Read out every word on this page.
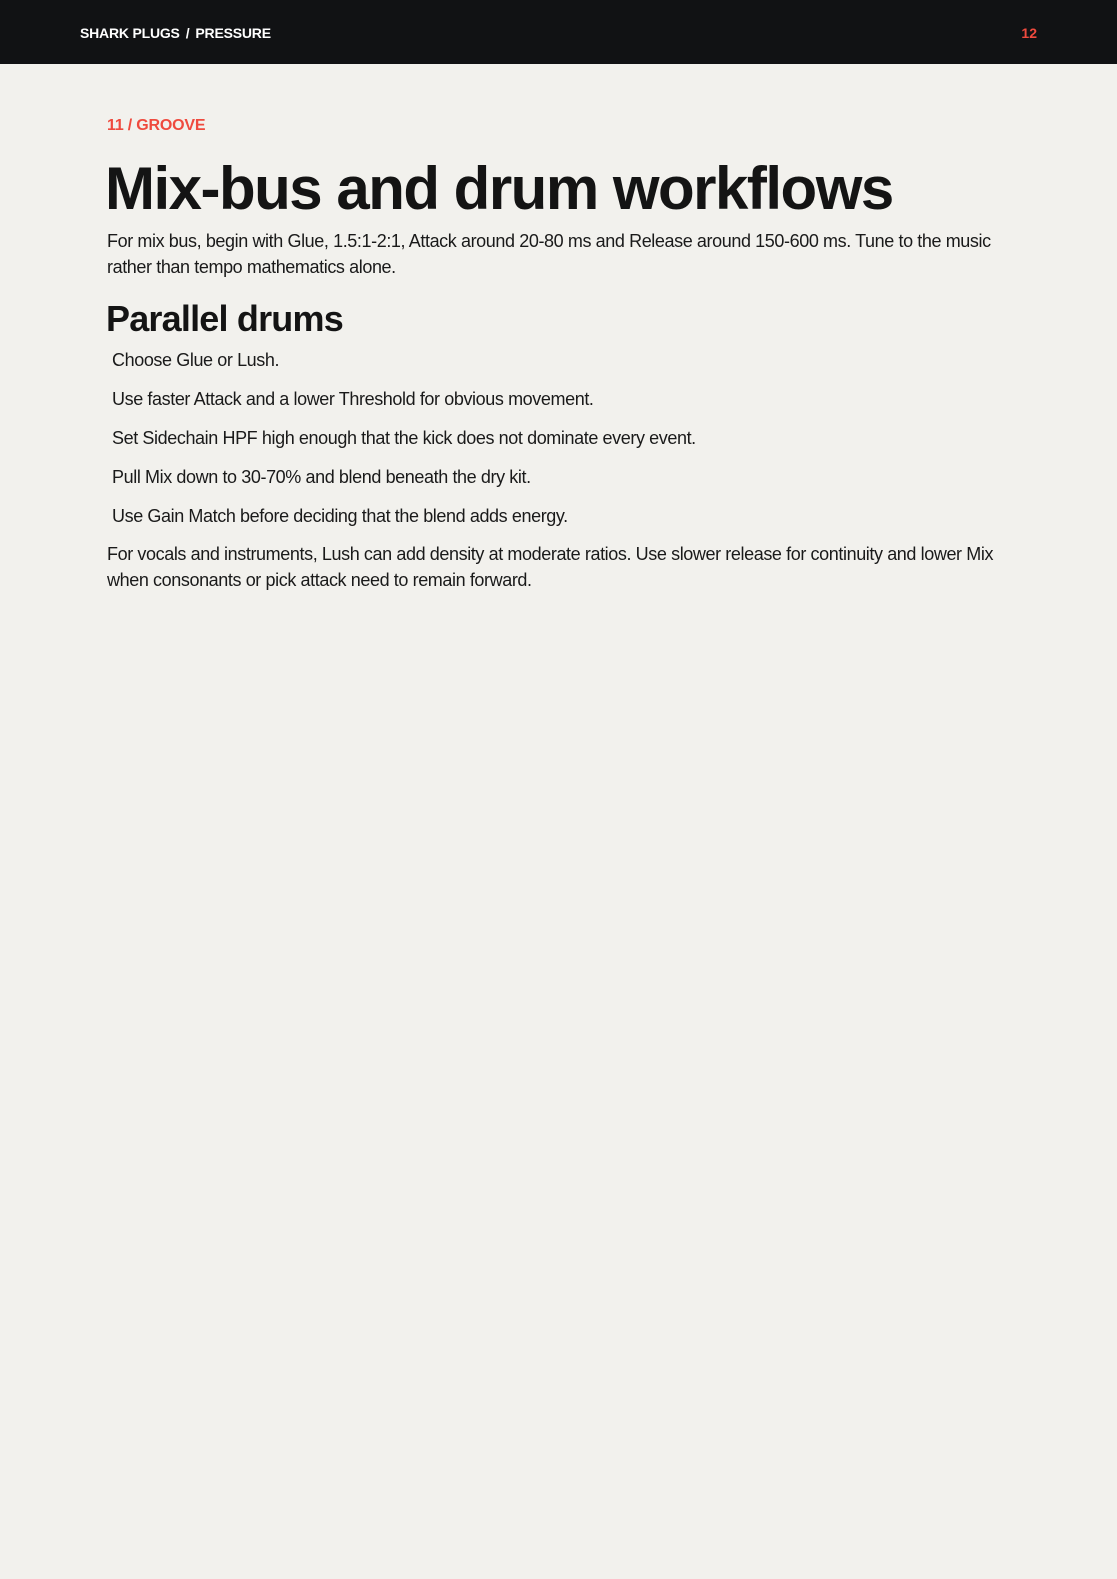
SHARK PLUGS / PRESSURE	12

11 / GROOVE

Mix-bus and drum workflows

For mix bus, begin with Glue, 1.5:1-2:1, Attack around 20-80 ms and Release around 150-600 ms. Tune to the music rather than tempo mathematics alone.

Parallel drums
Choose Glue or Lush.
Use faster Attack and a lower Threshold for obvious movement.
Set Sidechain HPF high enough that the kick does not dominate every event.
Pull Mix down to 30-70% and blend beneath the dry kit.
Use Gain Match before deciding that the blend adds energy.

For vocals and instruments, Lush can add density at moderate ratios. Use slower release for continuity and lower Mix when consonants or pick attack need to remain forward.
